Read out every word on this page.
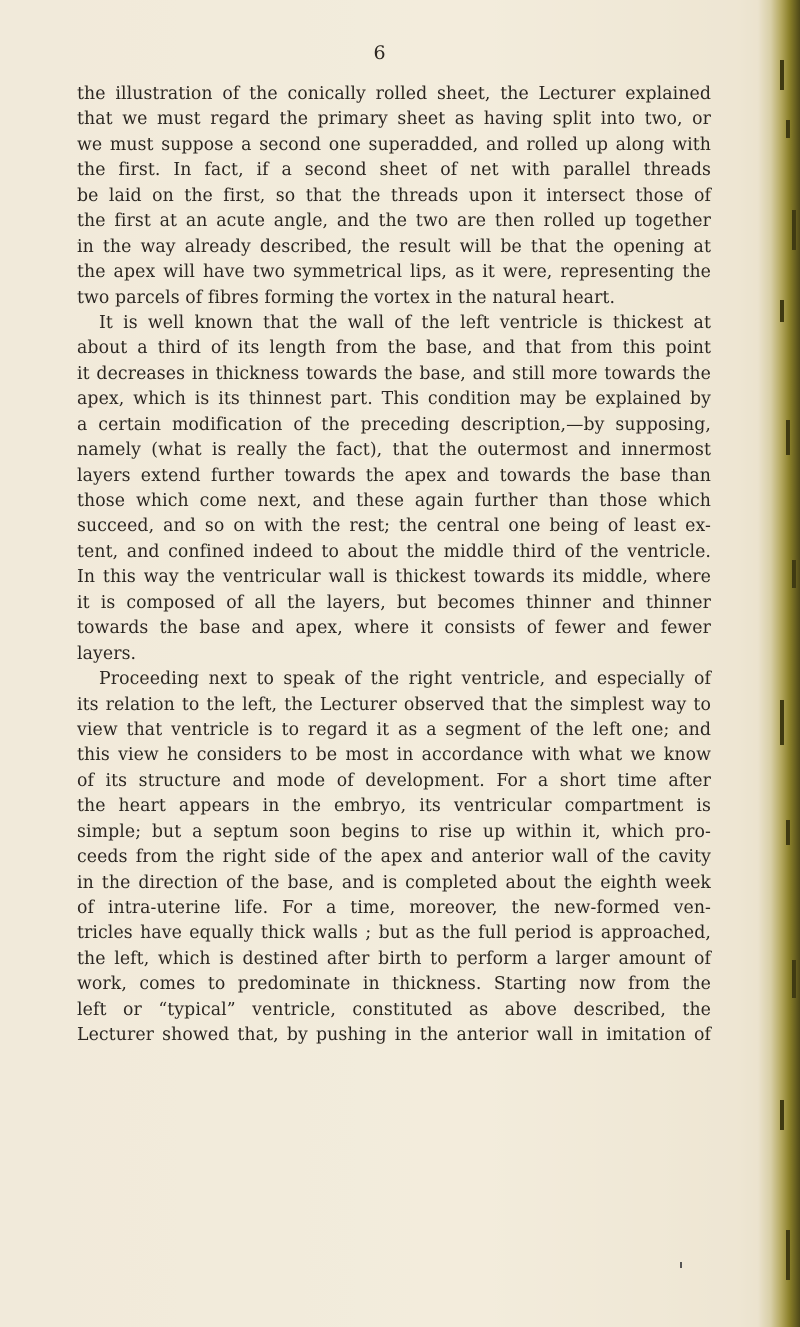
6
the illustration of the conically rolled sheet, the Lecturer explained
that we must regard the primary sheet as having split into two, or
we must suppose a second one superadded, and rolled up along with
the first. In fact, if a second sheet of net with parallel threads
be laid on the first, so that the threads upon it intersect those of
the first at an acute angle, and the two are then rolled up together
in the way already described, the result will be that the opening at
the apex will have two symmetrical lips, as it were, representing the
two parcels of fibres forming the vortex in the natural heart.
It is well known that the wall of the left ventricle is thickest at
about a third of its length from the base, and that from this point
it decreases in thickness towards the base, and still more towards the
apex, which is its thinnest part. This condition may be explained by
a certain modification of the preceding description,—by supposing,
namely (what is really the fact), that the outermost and innermost
layers extend further towards the apex and towards the base than
those which come next, and these again further than those which
succeed, and so on with the rest; the central one being of least ex-
tent, and confined indeed to about the middle third of the ventricle.
In this way the ventricular wall is thickest towards its middle, where
it is composed of all the layers, but becomes thinner and thinner
towards the base and apex, where it consists of fewer and fewer
layers.
Proceeding next to speak of the right ventricle, and especially of
its relation to the left, the Lecturer observed that the simplest way to
view that ventricle is to regard it as a segment of the left one; and
this view he considers to be most in accordance with what we know
of its structure and mode of development. For a short time after
the heart appears in the embryo, its ventricular compartment is
simple; but a septum soon begins to rise up within it, which pro-
ceeds from the right side of the apex and anterior wall of the cavity
in the direction of the base, and is completed about the eighth week
of intra-uterine life. For a time, moreover, the new-formed ven-
tricles have equally thick walls ; but as the full period is approached,
the left, which is destined after birth to perform a larger amount of
work, comes to predominate in thickness. Starting now from the
left or “typical” ventricle, constituted as above described, the
Lecturer showed that, by pushing in the anterior wall in imitation of
